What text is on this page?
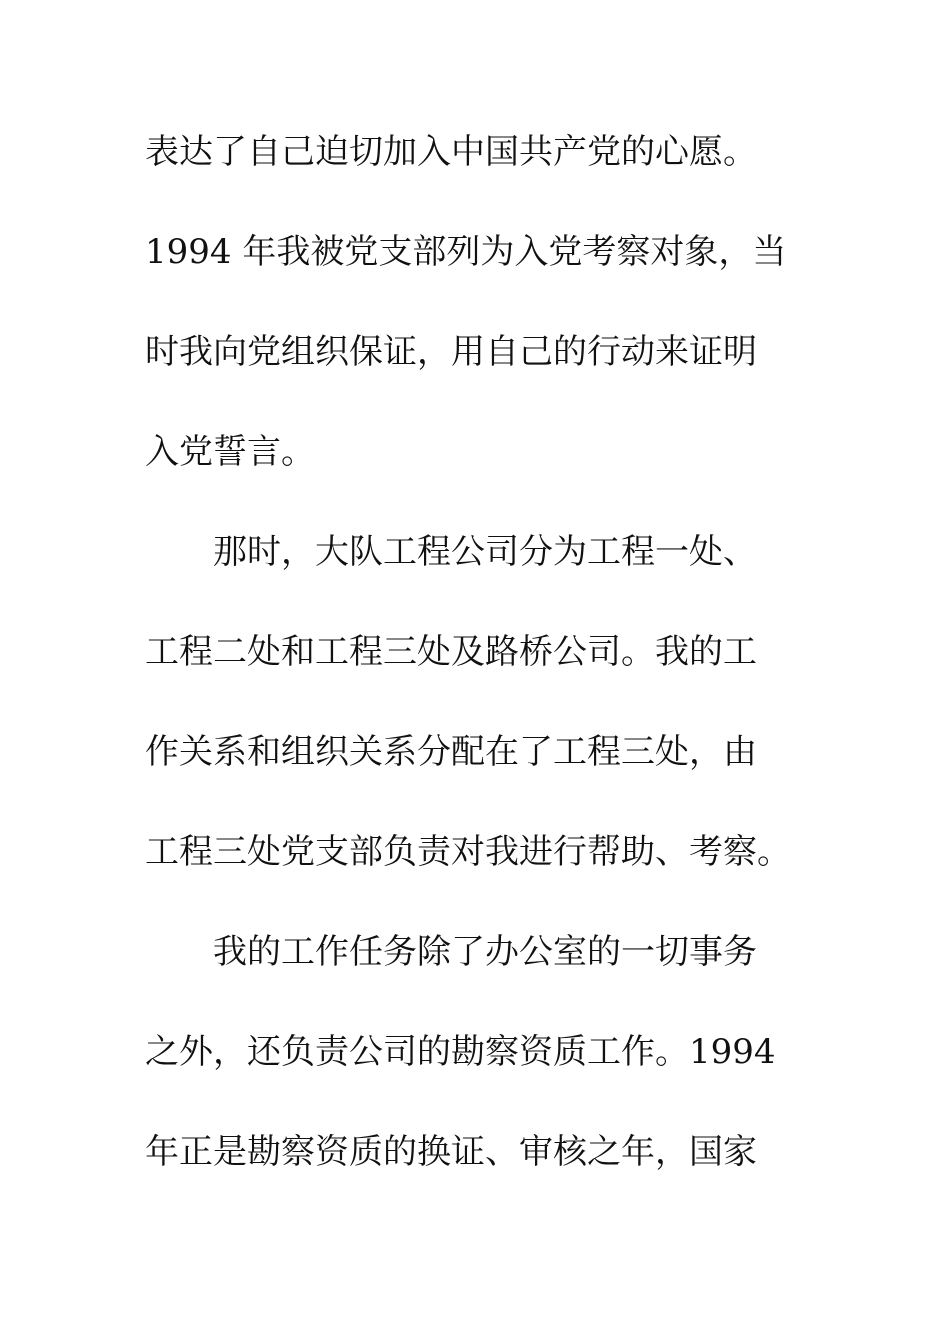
表达了自己迫切加入中国共产党的心愿。
1994 年我被党支部列为入党考察对象，当
时我向党组织保证，用自己的行动来证明
入党誓言。
那时，大队工程公司分为工程一处、
工程二处和工程三处及路桥公司。我的工
作关系和组织关系分配在了工程三处，由
工程三处党支部负责对我进行帮助、考察。
我的工作任务除了办公室的一切事务
之外，还负责公司的勘察资质工作。1994
年正是勘察资质的换证、审核之年，国家
